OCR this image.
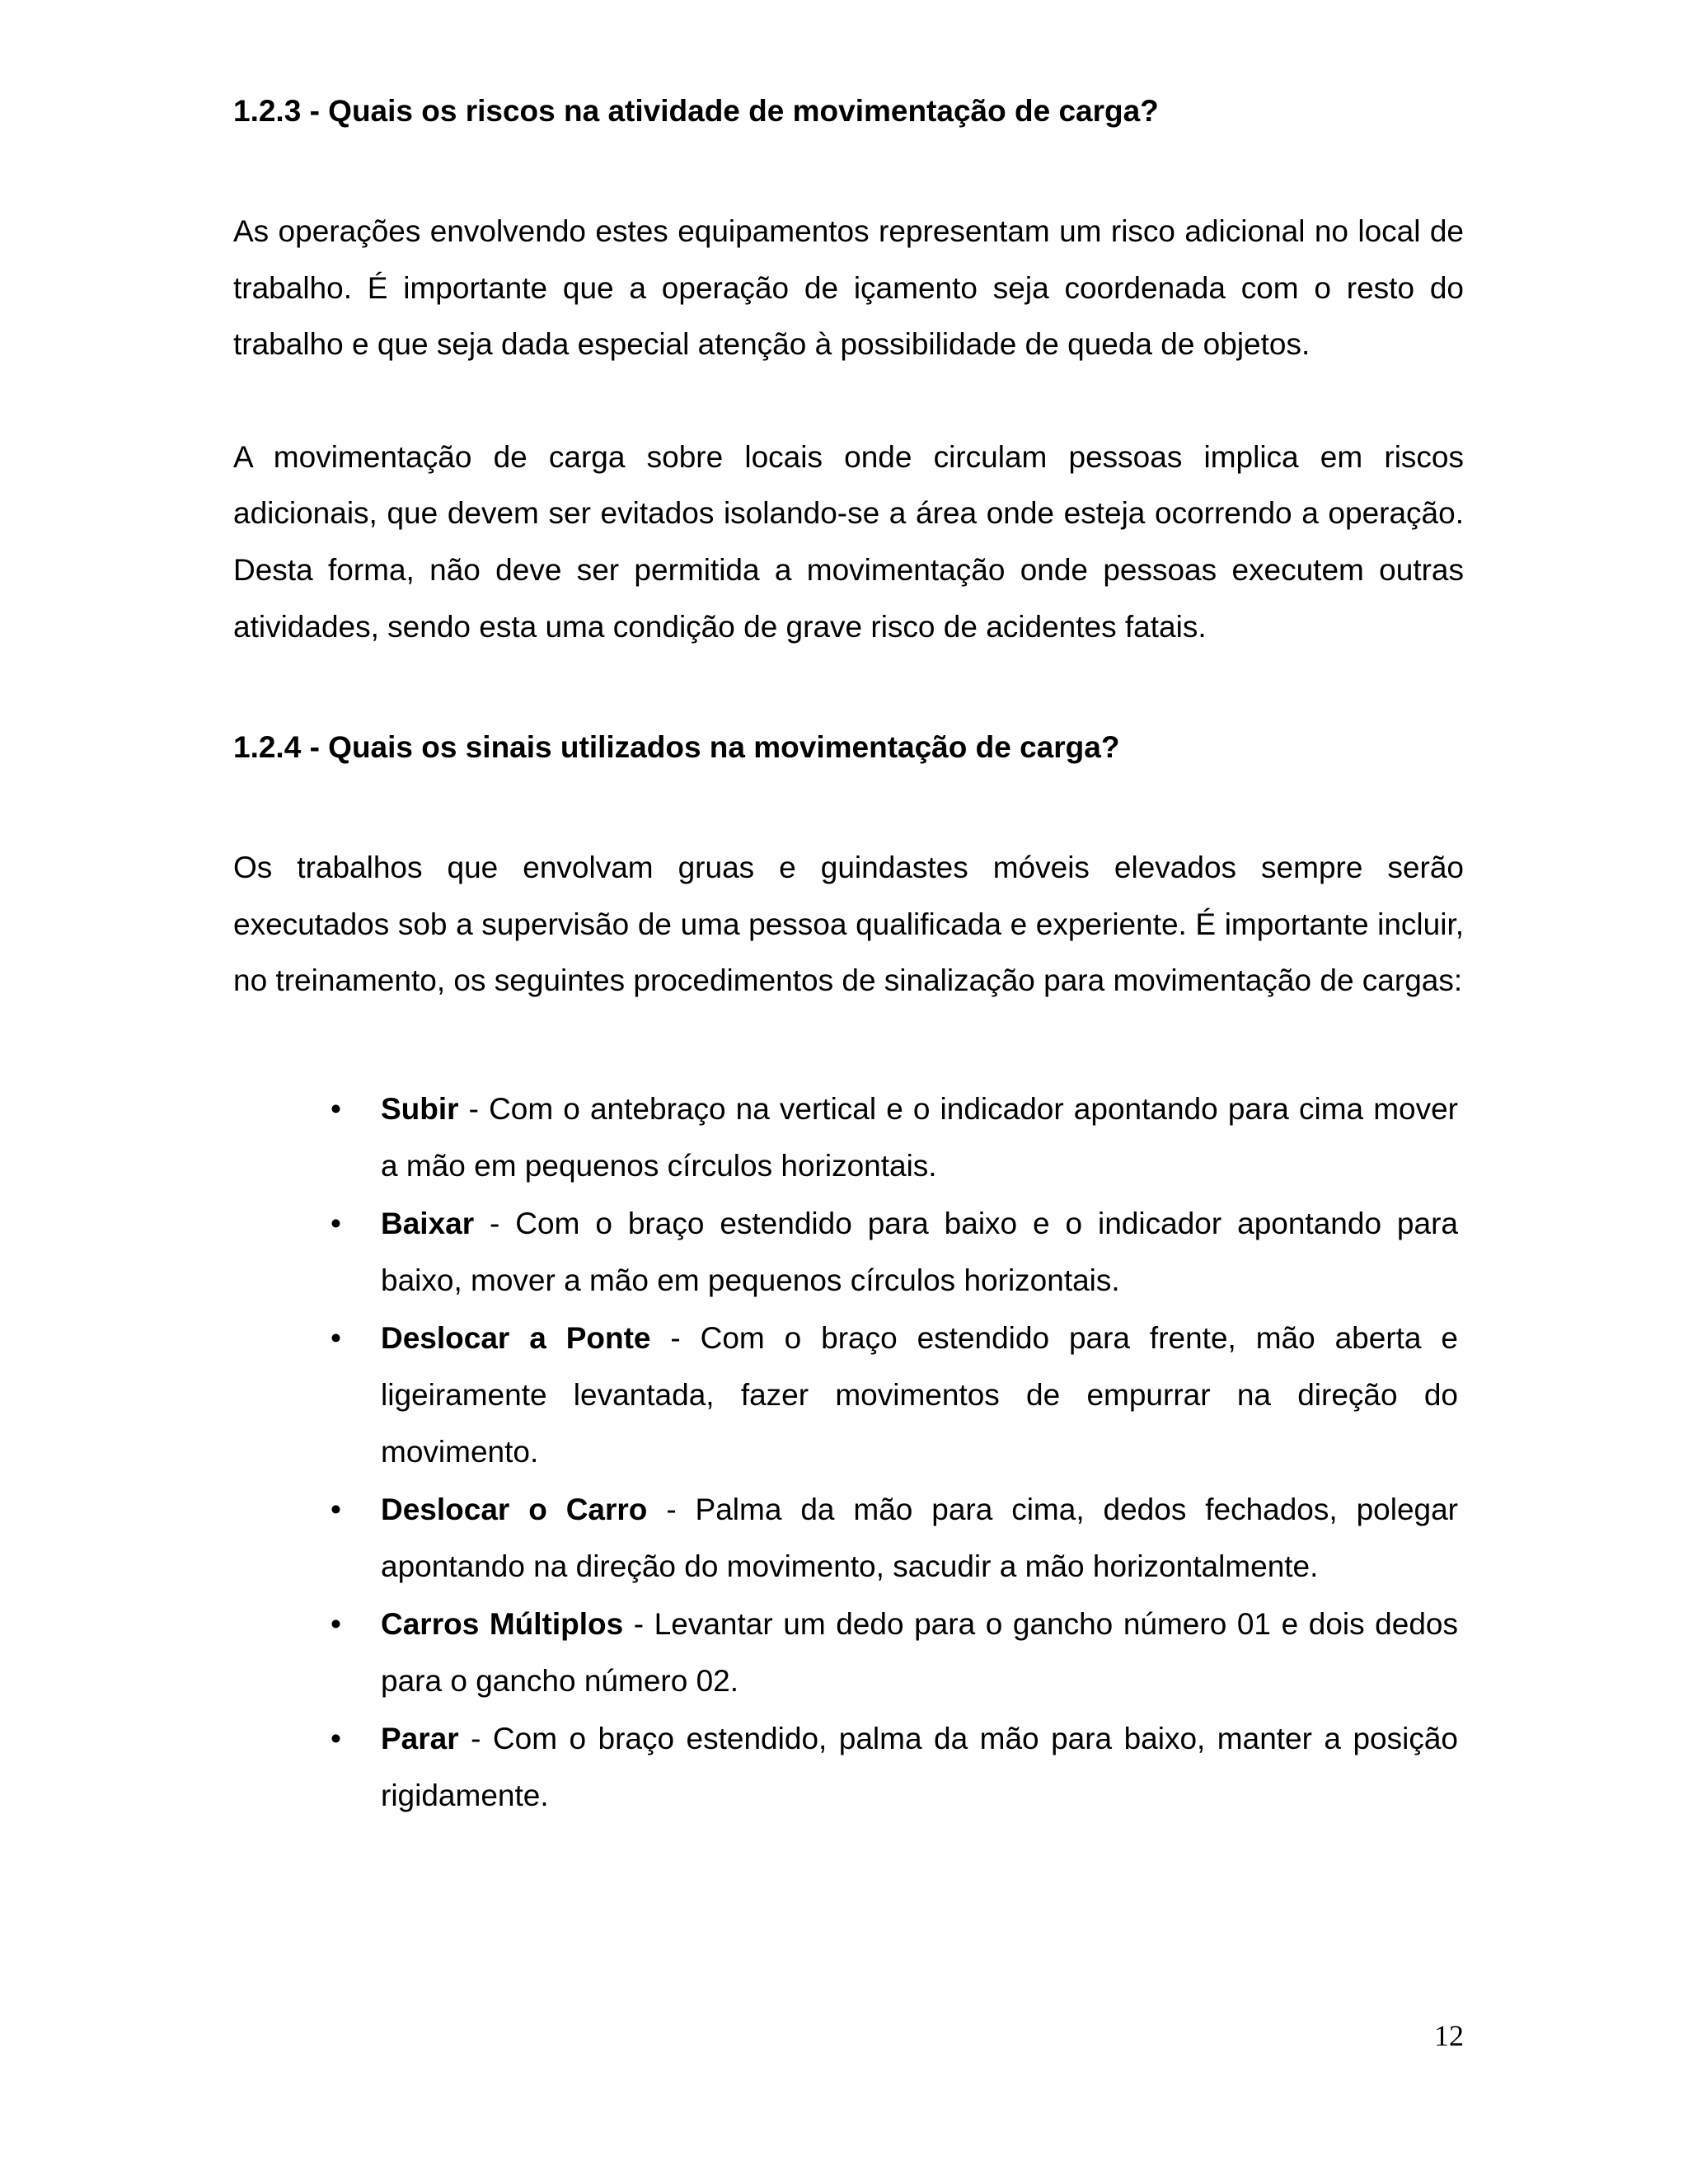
1.2.3 - Quais os riscos na atividade de movimentação de carga?

As operações envolvendo estes equipamentos representam um risco adicional no local de trabalho. É importante que a operação de içamento seja coordenada com o resto do trabalho e que seja dada especial atenção à possibilidade de queda de objetos.

A movimentação de carga sobre locais onde circulam pessoas implica em riscos adicionais, que devem ser evitados isolando-se a área onde esteja ocorrendo a operação. Desta forma, não deve ser permitida a movimentação onde pessoas executem outras atividades, sendo esta uma condição de grave risco de acidentes fatais.

1.2.4 - Quais os sinais utilizados na movimentação de carga?

Os trabalhos que envolvam gruas e guindastes móveis elevados sempre serão executados sob a supervisão de uma pessoa qualificada e experiente. É importante incluir, no treinamento, os seguintes procedimentos de sinalização para movimentação de cargas:

• Subir - Com o antebraço na vertical e o indicador apontando para cima mover a mão em pequenos círculos horizontais.
• Baixar - Com o braço estendido para baixo e o indicador apontando para baixo, mover a mão em pequenos círculos horizontais.
• Deslocar a Ponte - Com o braço estendido para frente, mão aberta e ligeiramente levantada, fazer movimentos de empurrar na direção do movimento.
• Deslocar o Carro - Palma da mão para cima, dedos fechados, polegar apontando na direção do movimento, sacudir a mão horizontalmente.
• Carros Múltiplos - Levantar um dedo para o gancho número 01 e dois dedos para o gancho número 02.
• Parar - Com o braço estendido, palma da mão para baixo, manter a posição rigidamente.
12
